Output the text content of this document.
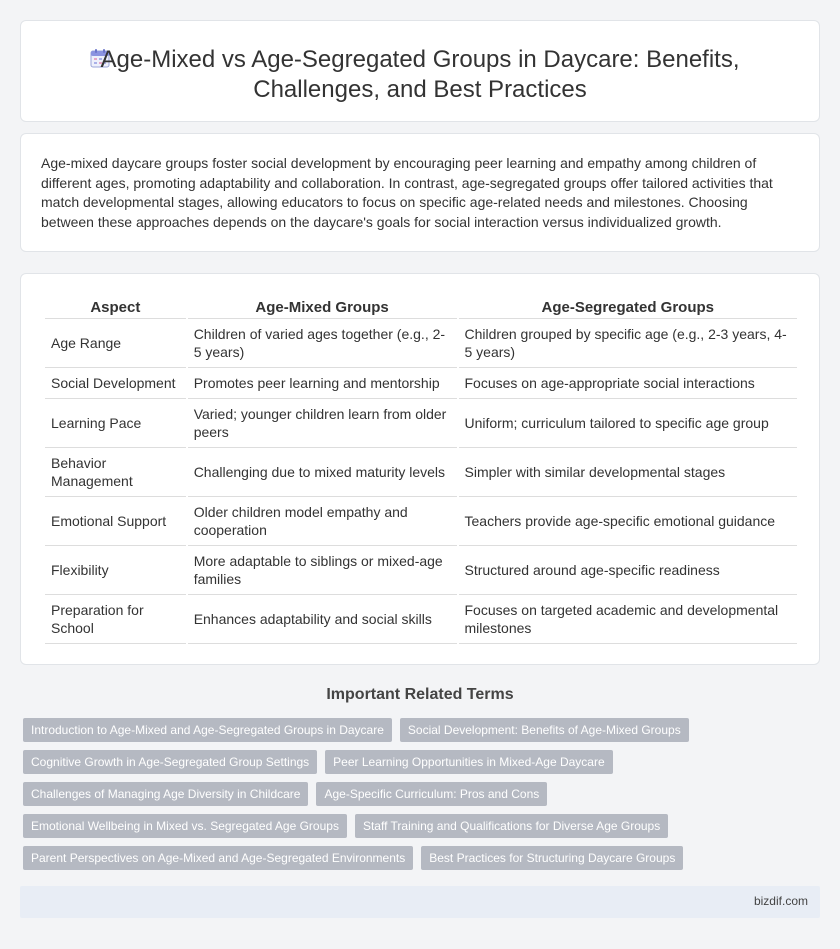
Age-Mixed vs Age-Segregated Groups in Daycare: Benefits,
Challenges, and Best Practices

Age-mixed daycare groups foster social development by encouraging peer learning and empathy among children of different ages, promoting adaptability and collaboration. In contrast, age-segregated groups offer tailored activities that match developmental stages, allowing educators to focus on specific age-related needs and milestones. Choosing between these approaches depends on the daycare's goals for social interaction versus individualized growth.

Aspect	Age-Mixed Groups	Age-Segregated Groups
Age Range	Children of varied ages together (e.g., 2-5 years)	Children grouped by specific age (e.g., 2-3 years, 4-5 years)
Social Development	Promotes peer learning and mentorship	Focuses on age-appropriate social interactions
Learning Pace	Varied; younger children learn from older peers	Uniform; curriculum tailored to specific age group
Behavior Management	Challenging due to mixed maturity levels	Simpler with similar developmental stages
Emotional Support	Older children model empathy and cooperation	Teachers provide age-specific emotional guidance
Flexibility	More adaptable to siblings or mixed-age families	Structured around age-specific readiness
Preparation for School	Enhances adaptability and social skills	Focuses on targeted academic and developmental milestones
Important Related Terms
Introduction to Age-Mixed and Age-Segregated Groups in Daycare	Social Development: Benefits of Age-Mixed Groups
Cognitive Growth in Age-Segregated Group Settings	Peer Learning Opportunities in Mixed-Age Daycare
Challenges of Managing Age Diversity in Childcare	Age-Specific Curriculum: Pros and Cons
Emotional Wellbeing in Mixed vs. Segregated Age Groups	Staff Training and Qualifications for Diverse Age Groups
Parent Perspectives on Age-Mixed and Age-Segregated Environments	Best Practices for Structuring Daycare Groups
bizdif.com
